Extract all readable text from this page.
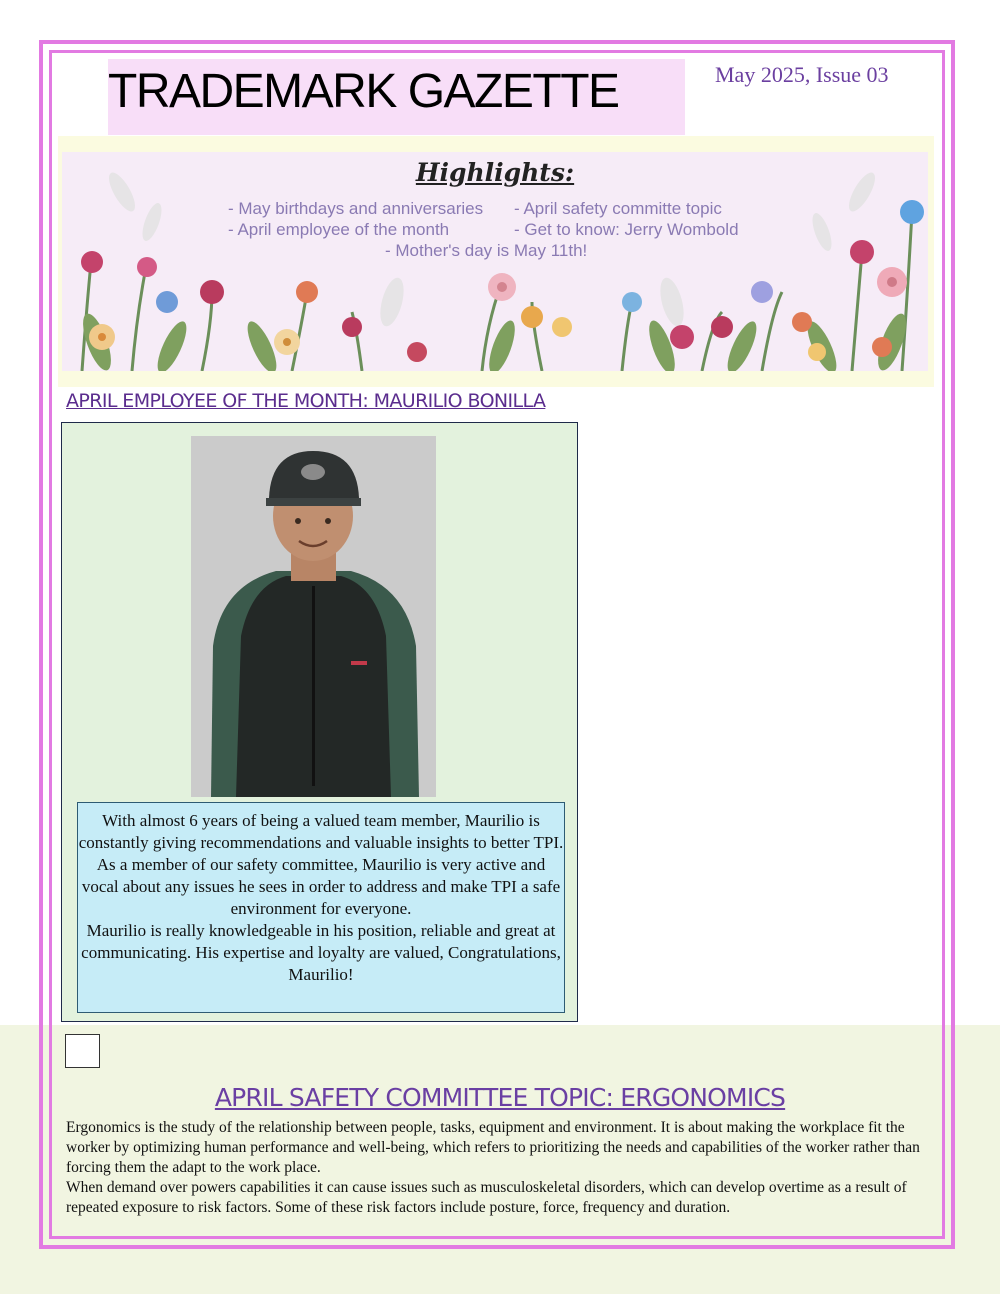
TRADEMARK GAZETTE	May 2025, Issue 03
Highlights:
- May birthdays and anniversaries - April safety committe topic
- April employee of the month	- Get to know: Jerry Wombold
- Mother's day is May 11th!
APRIL EMPLOYEE OF THE MONTH: MAURILIO BONILLA

With almost 6 years of being a valued team member, Maurilio is constantly giving recommendations and valuable insights to better TPI. As a member of our safety committee, Maurilio is very active and vocal about any issues he sees in order to address and make TPI a safe environment for everyone.

Maurilio is really knowledgeable in his position, reliable and great at communicating. His expertise and loyalty are valued, Congratulations, Maurilio!

APRIL SAFETY COMMITTEE TOPIC: ERGONOMICS

Ergonomics is the study of the relationship between people, tasks, equipment and environment. It is about making the workplace fit the worker by optimizing human performance and well-being, which refers to prioritizing the needs and capabilities of the worker rather than forcing them the adapt to the work place.

When demand over powers capabilities it can cause issues such as musculoskeletal disorders, which can develop overtime as a result of repeated exposure to risk factors. Some of these risk factors include posture, force, frequency and duration.
